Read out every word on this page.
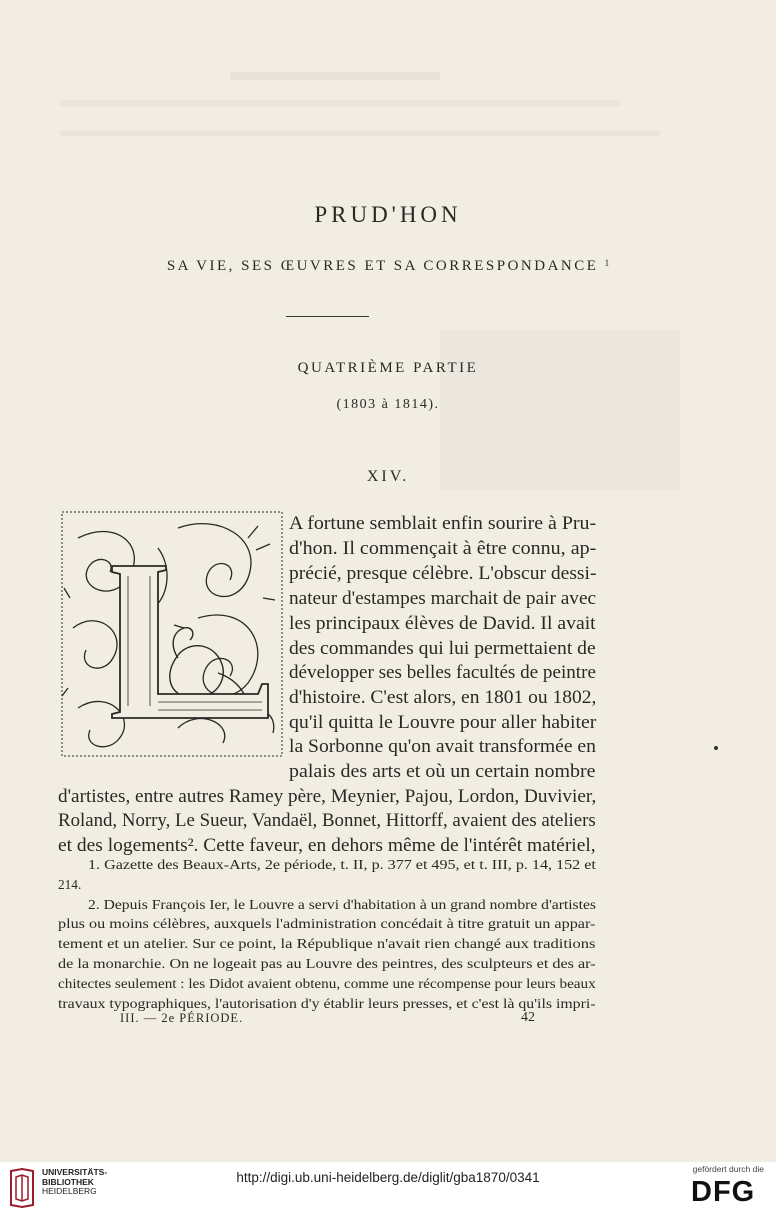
PRUD'HON
SA VIE, SES ŒUVRES ET SA CORRESPONDANCE $^1$
QUATRIÈME PARTIE
(1803 à 1814).
XIV.
A fortune semblait enfin sourire à Pru-
d'hon. Il commençait à être connu, ap-
précié, presque célèbre. L'obscur dessi-
nateur d'estampes marchait de pair avec
les principaux élèves de David. Il avait
des commandes qui lui permettaient de
développer ses belles facultés de peintre
d'histoire. C'est alors, en 1801 ou 1802,
qu'il quitta le Louvre pour aller habiter
la Sorbonne qu'on avait transformée en
palais des arts et où un certain nombre
d'artistes, entre autres Ramey père, Meynier, Pajou, Lordon, Duvivier,
Roland, Norry, Le Sueur, Vandaël, Bonnet, Hittorff, avaient des ateliers
et des logements². Cette faveur, en dehors même de l'intérêt matériel,
1. Gazette des Beaux-Arts, 2e période, t. II, p. 377 et 495, et t. III, p. 14, 152 et
214.
2. Depuis François Ier, le Louvre a servi d'habitation à un grand nombre d'artistes
plus ou moins célèbres, auxquels l'administration concédait à titre gratuit un appar-
tement et un atelier. Sur ce point, la République n'avait rien changé aux traditions
de la monarchie. On ne logeait pas au Louvre des peintres, des sculpteurs et des ar-
chitectes seulement : les Didot avaient obtenu, comme une récompense pour leurs beaux
travaux typographiques, l'autorisation d'y établir leurs presses, et c'est là qu'ils impri-
III. — 2e PÉRIODE.	42
UNIVERSITÄTS-
BIBLIOTHEK
HEIDELBERG
http://digi.ub.uni-heidelberg.de/diglit/gba1870/0341
gefördert durch die
DFG
